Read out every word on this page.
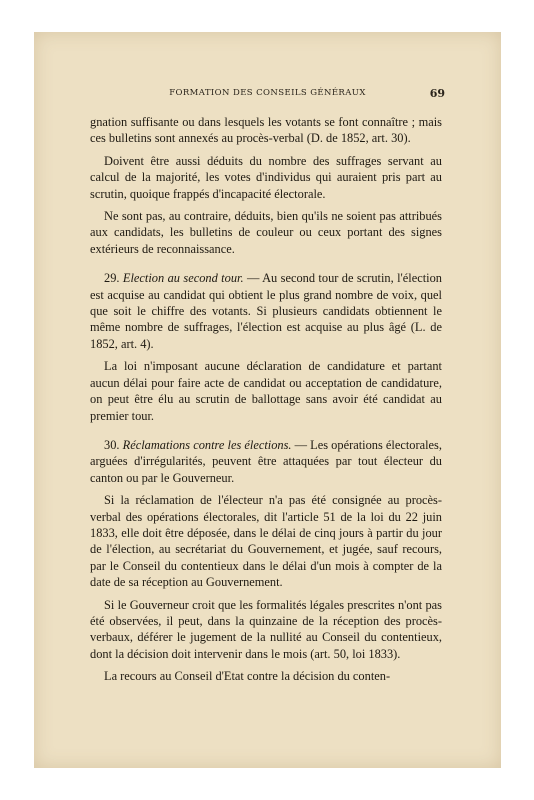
FORMATION DES CONSEILS GÉNÉRAUX	69

gnation suffisante ou dans lesquels les votants se font connaître ; mais ces bulletins sont annexés au procès-verbal (D. de 1852, art. 30).

Doivent être aussi déduits du nombre des suffrages servant au calcul de la majorité, les votes d'individus qui auraient pris part au scrutin, quoique frappés d'incapacité électorale.

Ne sont pas, au contraire, déduits, bien qu'ils ne soient pas attribués aux candidats, les bulletins de couleur ou ceux portant des signes extérieurs de reconnaissance.

29. Election au second tour. — Au second tour de scrutin, l'élection est acquise au candidat qui obtient le plus grand nombre de voix, quel que soit le chiffre des votants. Si plusieurs candidats obtiennent le même nombre de suffrages, l'élection est acquise au plus âgé (L. de 1852, art. 4).

La loi n'imposant aucune déclaration de candidature et partant aucun délai pour faire acte de candidat ou acceptation de candidature, on peut être élu au scrutin de ballottage sans avoir été candidat au premier tour.

30. Réclamations contre les élections. — Les opérations électorales, arguées d'irrégularités, peuvent être attaquées par tout électeur du canton ou par le Gouverneur.

Si la réclamation de l'électeur n'a pas été consignée au procès-verbal des opérations électorales, dit l'article 51 de la loi du 22 juin 1833, elle doit être déposée, dans le délai de cinq jours à partir du jour de l'élection, au secrétariat du Gouvernement, et jugée, sauf recours, par le Conseil du contentieux dans le délai d'un mois à compter de la date de sa réception au Gouvernement.

Si le Gouverneur croit que les formalités légales prescrites n'ont pas été observées, il peut, dans la quinzaine de la réception des procès-verbaux, déférer le jugement de la nullité au Conseil du contentieux, dont la décision doit intervenir dans le mois (art. 50, loi 1833).

La recours au Conseil d'Etat contre la décision du conten-
